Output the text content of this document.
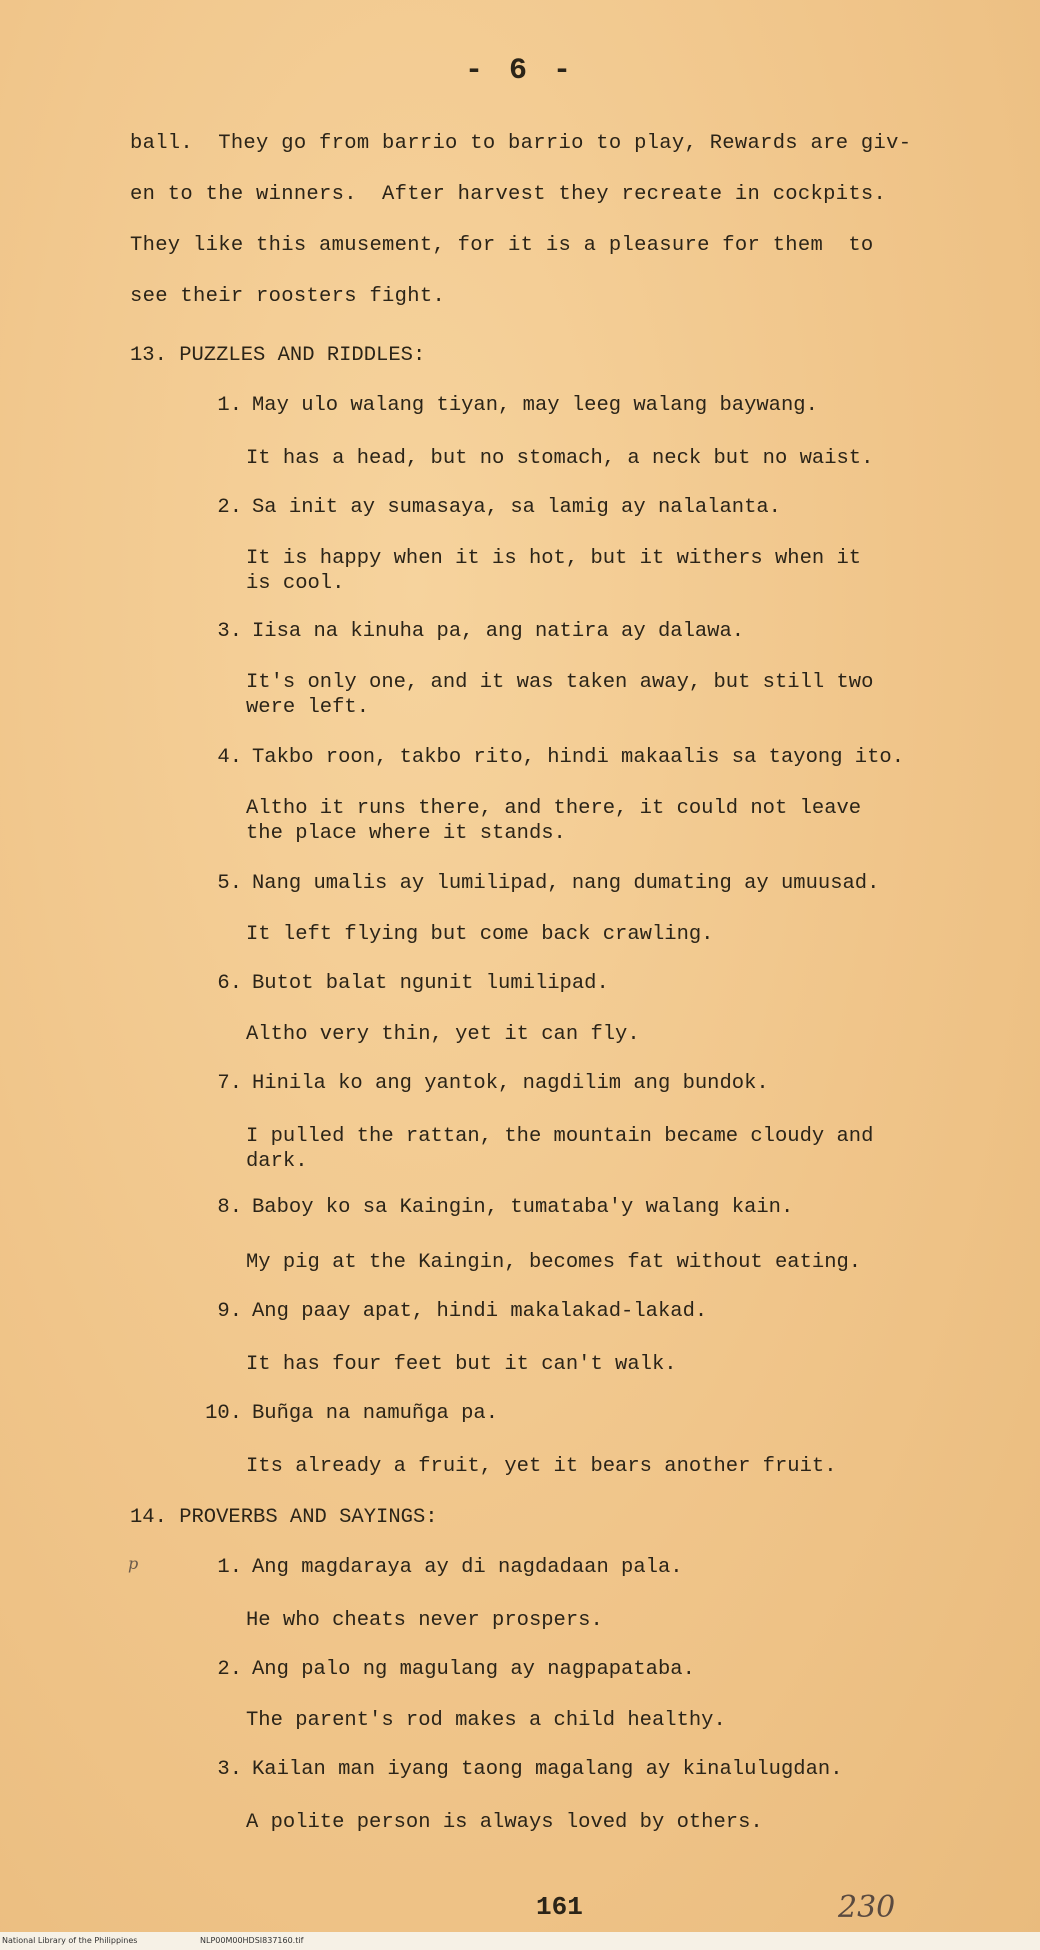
- 6 -
ball.  They go from barrio to barrio to play, Rewards are giv-
en to the winners.  After harvest they recreate in cockpits.
They like this amusement, for it is a pleasure for them  to
see their roosters fight.
13. PUZZLES AND RIDDLES:
1. May ulo walang tiyan, may leeg walang baywang.
It has a head, but no stomach, a neck but no waist.
2. Sa init ay sumasaya, sa lamig ay nalalanta.
It is happy when it is hot, but it withers when it
is cool.
3. Iisa na kinuha pa, ang natira ay dalawa.
It's only one, and it was taken away, but still two
were left.
4. Takbo roon, takbo rito, hindi makaalis sa tayong ito.
Altho it runs there, and there, it could not leave
the place where it stands.
5. Nang umalis ay lumilipad, nang dumating ay umuusad.
It left flying but come back crawling.
6. Butot balat ngunit lumilipad.
Altho very thin, yet it can fly.
7. Hinila ko ang yantok, nagdilim ang bundok.
I pulled the rattan, the mountain became cloudy and
dark.
8. Baboy ko sa Kaingin, tumataba'y walang kain.
My pig at the Kaingin, becomes fat without eating.
9. Ang paay apat, hindi makalakad-lakad.
It has four feet but it can't walk.
10. Buñga na namuñga pa.
Its already a fruit, yet it bears another fruit.
14. PROVERBS AND SAYINGS:
p	1. Ang magdaraya ay di nagdadaan pala.
He who cheats never prospers.
2. Ang palo ng magulang ay nagpapataba.
The parent's rod makes a child healthy.
3. Kailan man iyang taong magalang ay kinalulugdan.
A polite person is always loved by others.
161	230
National Library of the Philippines	NLP00M00HDSI837160.tif
